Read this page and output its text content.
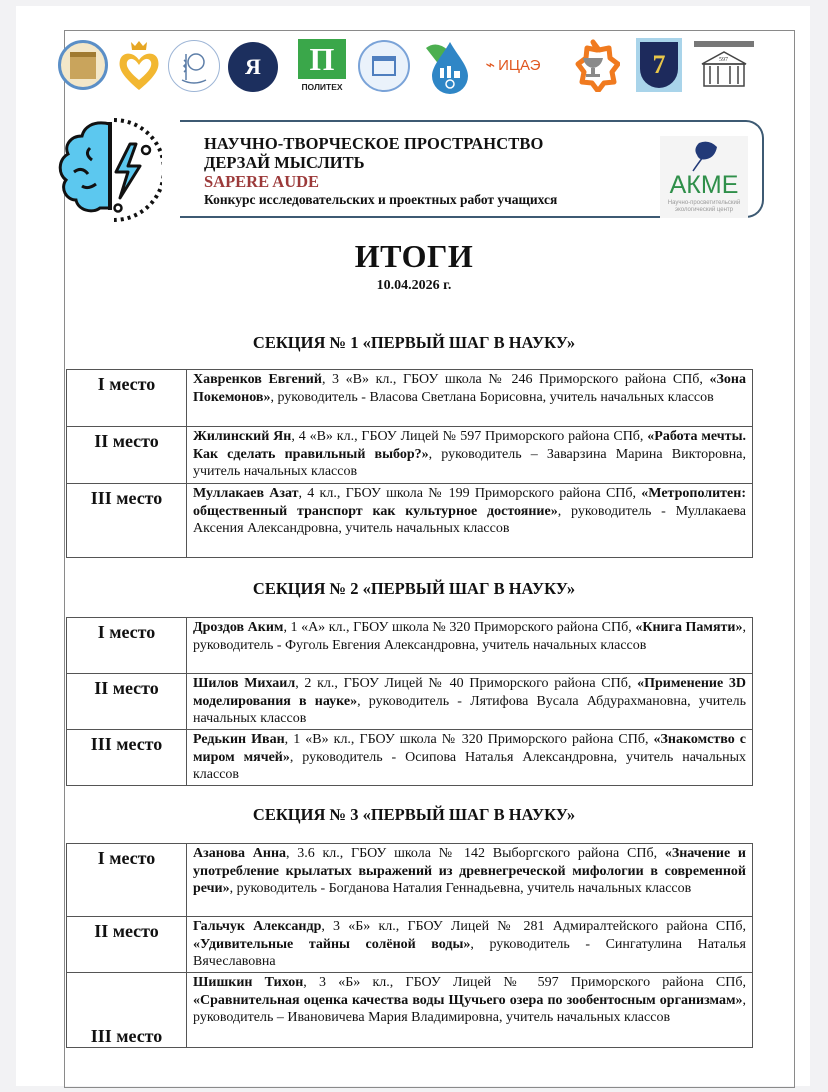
Я	П
ПОЛИТЕХ
⌁ ИЦАЭ	7	597
НАУЧНО-ТВОРЧЕСКОЕ ПРОСТРАНСТВО
ДЕРЗАЙ МЫСЛИТЬ
SAPERE AUDE
Конкурс исследовательских и проектных работ учащихся
АКМЕ
Научно-просветительский
экологический центр
ИТОГИ
10.04.2026 г.
СЕКЦИЯ № 1 «ПЕРВЫЙ ШАГ В НАУКУ»
I место	Хавренков Евгений, 3 «В» кл., ГБОУ школа № 246 Приморского района СПб, «Зона Покемонов», руководитель - Власова Светлана Борисовна, учитель начальных классов
II место	Жилинский Ян, 4 «В» кл., ГБОУ Лицей № 597 Приморского района СПб, «Работа мечты. Как сделать правильный выбор?», руководитель – Заварзина Марина Викторовна, учитель начальных классов
III место	Муллакаев Азат, 4 кл., ГБОУ школа № 199 Приморского района СПб, «Метрополитен: общественный транспорт как культурное достояние», руководитель - Муллакаева Аксения Александровна, учитель начальных классов
СЕКЦИЯ № 2 «ПЕРВЫЙ ШАГ В НАУКУ»
I место	Дроздов Аким, 1 «А» кл., ГБОУ школа № 320 Приморского района СПб, «Книга Памяти», руководитель - Фуголь Евгения Александровна, учитель начальных классов
II место	Шилов Михаил, 2 кл., ГБОУ Лицей № 40 Приморского района СПб, «Применение 3D моделирования в науке», руководитель - Лятифова Вусала Абдурахмановна, учитель начальных классов
III место	Редькин Иван, 1 «В» кл., ГБОУ школа № 320 Приморского района СПб, «Знакомство с миром мячей», руководитель - Осипова Наталья Александровна, учитель начальных классов
СЕКЦИЯ № 3 «ПЕРВЫЙ ШАГ В НАУКУ»
I место	Азанова Анна, 3.6 кл., ГБОУ школа № 142 Выборгского района СПб, «Значение и употребление крылатых выражений из древнегреческой мифологии в современной речи», руководитель - Богданова Наталия Геннадьевна, учитель начальных классов
II место	Гальчук Александр, 3 «Б» кл., ГБОУ Лицей № 281 Адмиралтейского района СПб, «Удивительные тайны солёной воды», руководитель - Сингатулина Наталья Вячеславовна
III место	Шишкин Тихон, 3 «Б» кл., ГБОУ Лицей № 597 Приморского района СПб, «Сравнительная оценка качества воды Щучьего озера по зообентосным организмам», руководитель – Ивановичева Мария Владимировна, учитель начальных классов
